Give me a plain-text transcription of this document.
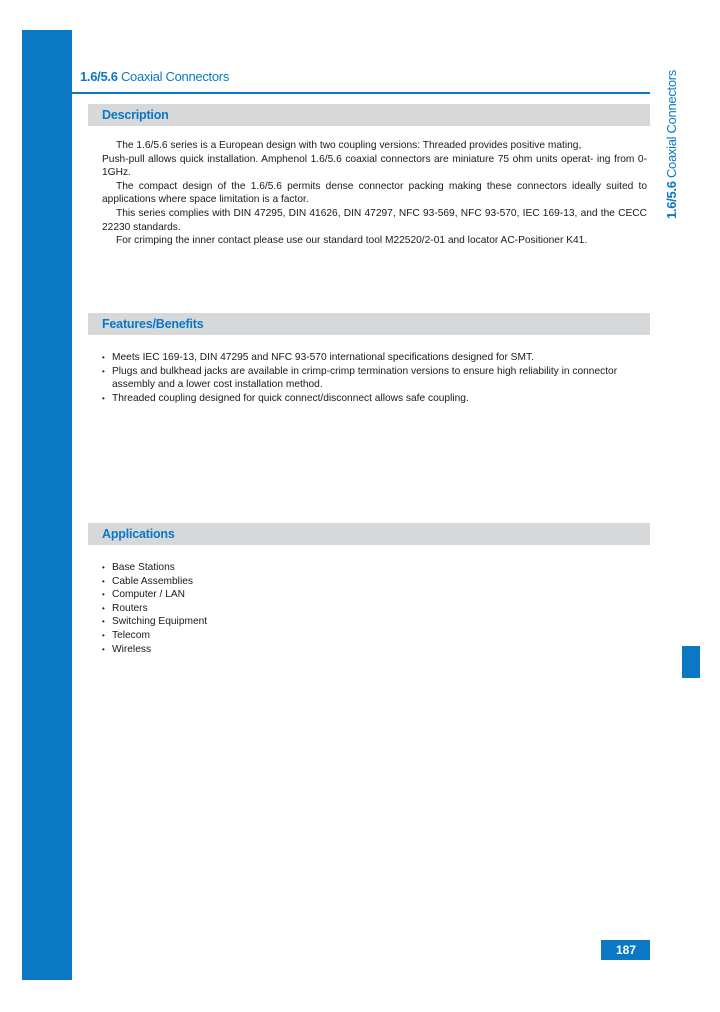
1.6/5.6 Coaxial Connectors
1.6/5.6 Coaxial Connectors
Description

The 1.6/5.6 series is a European design with two coupling versions: Threaded provides positive mating,

Push-pull allows quick installation. Amphenol 1.6/5.6 coaxial connectors are miniature 75 ohm units operat- ing from 0-1GHz.

The compact design of the 1.6/5.6 permits dense connector packing making these connectors ideally suited to applications where space limitation is a factor.

This series complies with DIN 47295, DIN 41626, DIN 47297, NFC 93-569, NFC 93-570, IEC 169-13, and the CECC 22230 standards.

For crimping the inner contact please use our standard tool M22520/2-01 and locator AC-Positioner K41.

Features/Benefits
• Meets IEC 169-13, DIN 47295 and NFC 93-570 international specifications designed for SMT.
• Plugs and bulkhead jacks are available in crimp-crimp termination versions to ensure high reliability in connector assembly and a lower cost installation method.
• Threaded coupling designed for quick connect/disconnect allows safe coupling.
Applications
• Base Stations
• Cable Assemblies
• Computer / LAN
• Routers
• Switching Equipment
• Telecom
• Wireless
187
